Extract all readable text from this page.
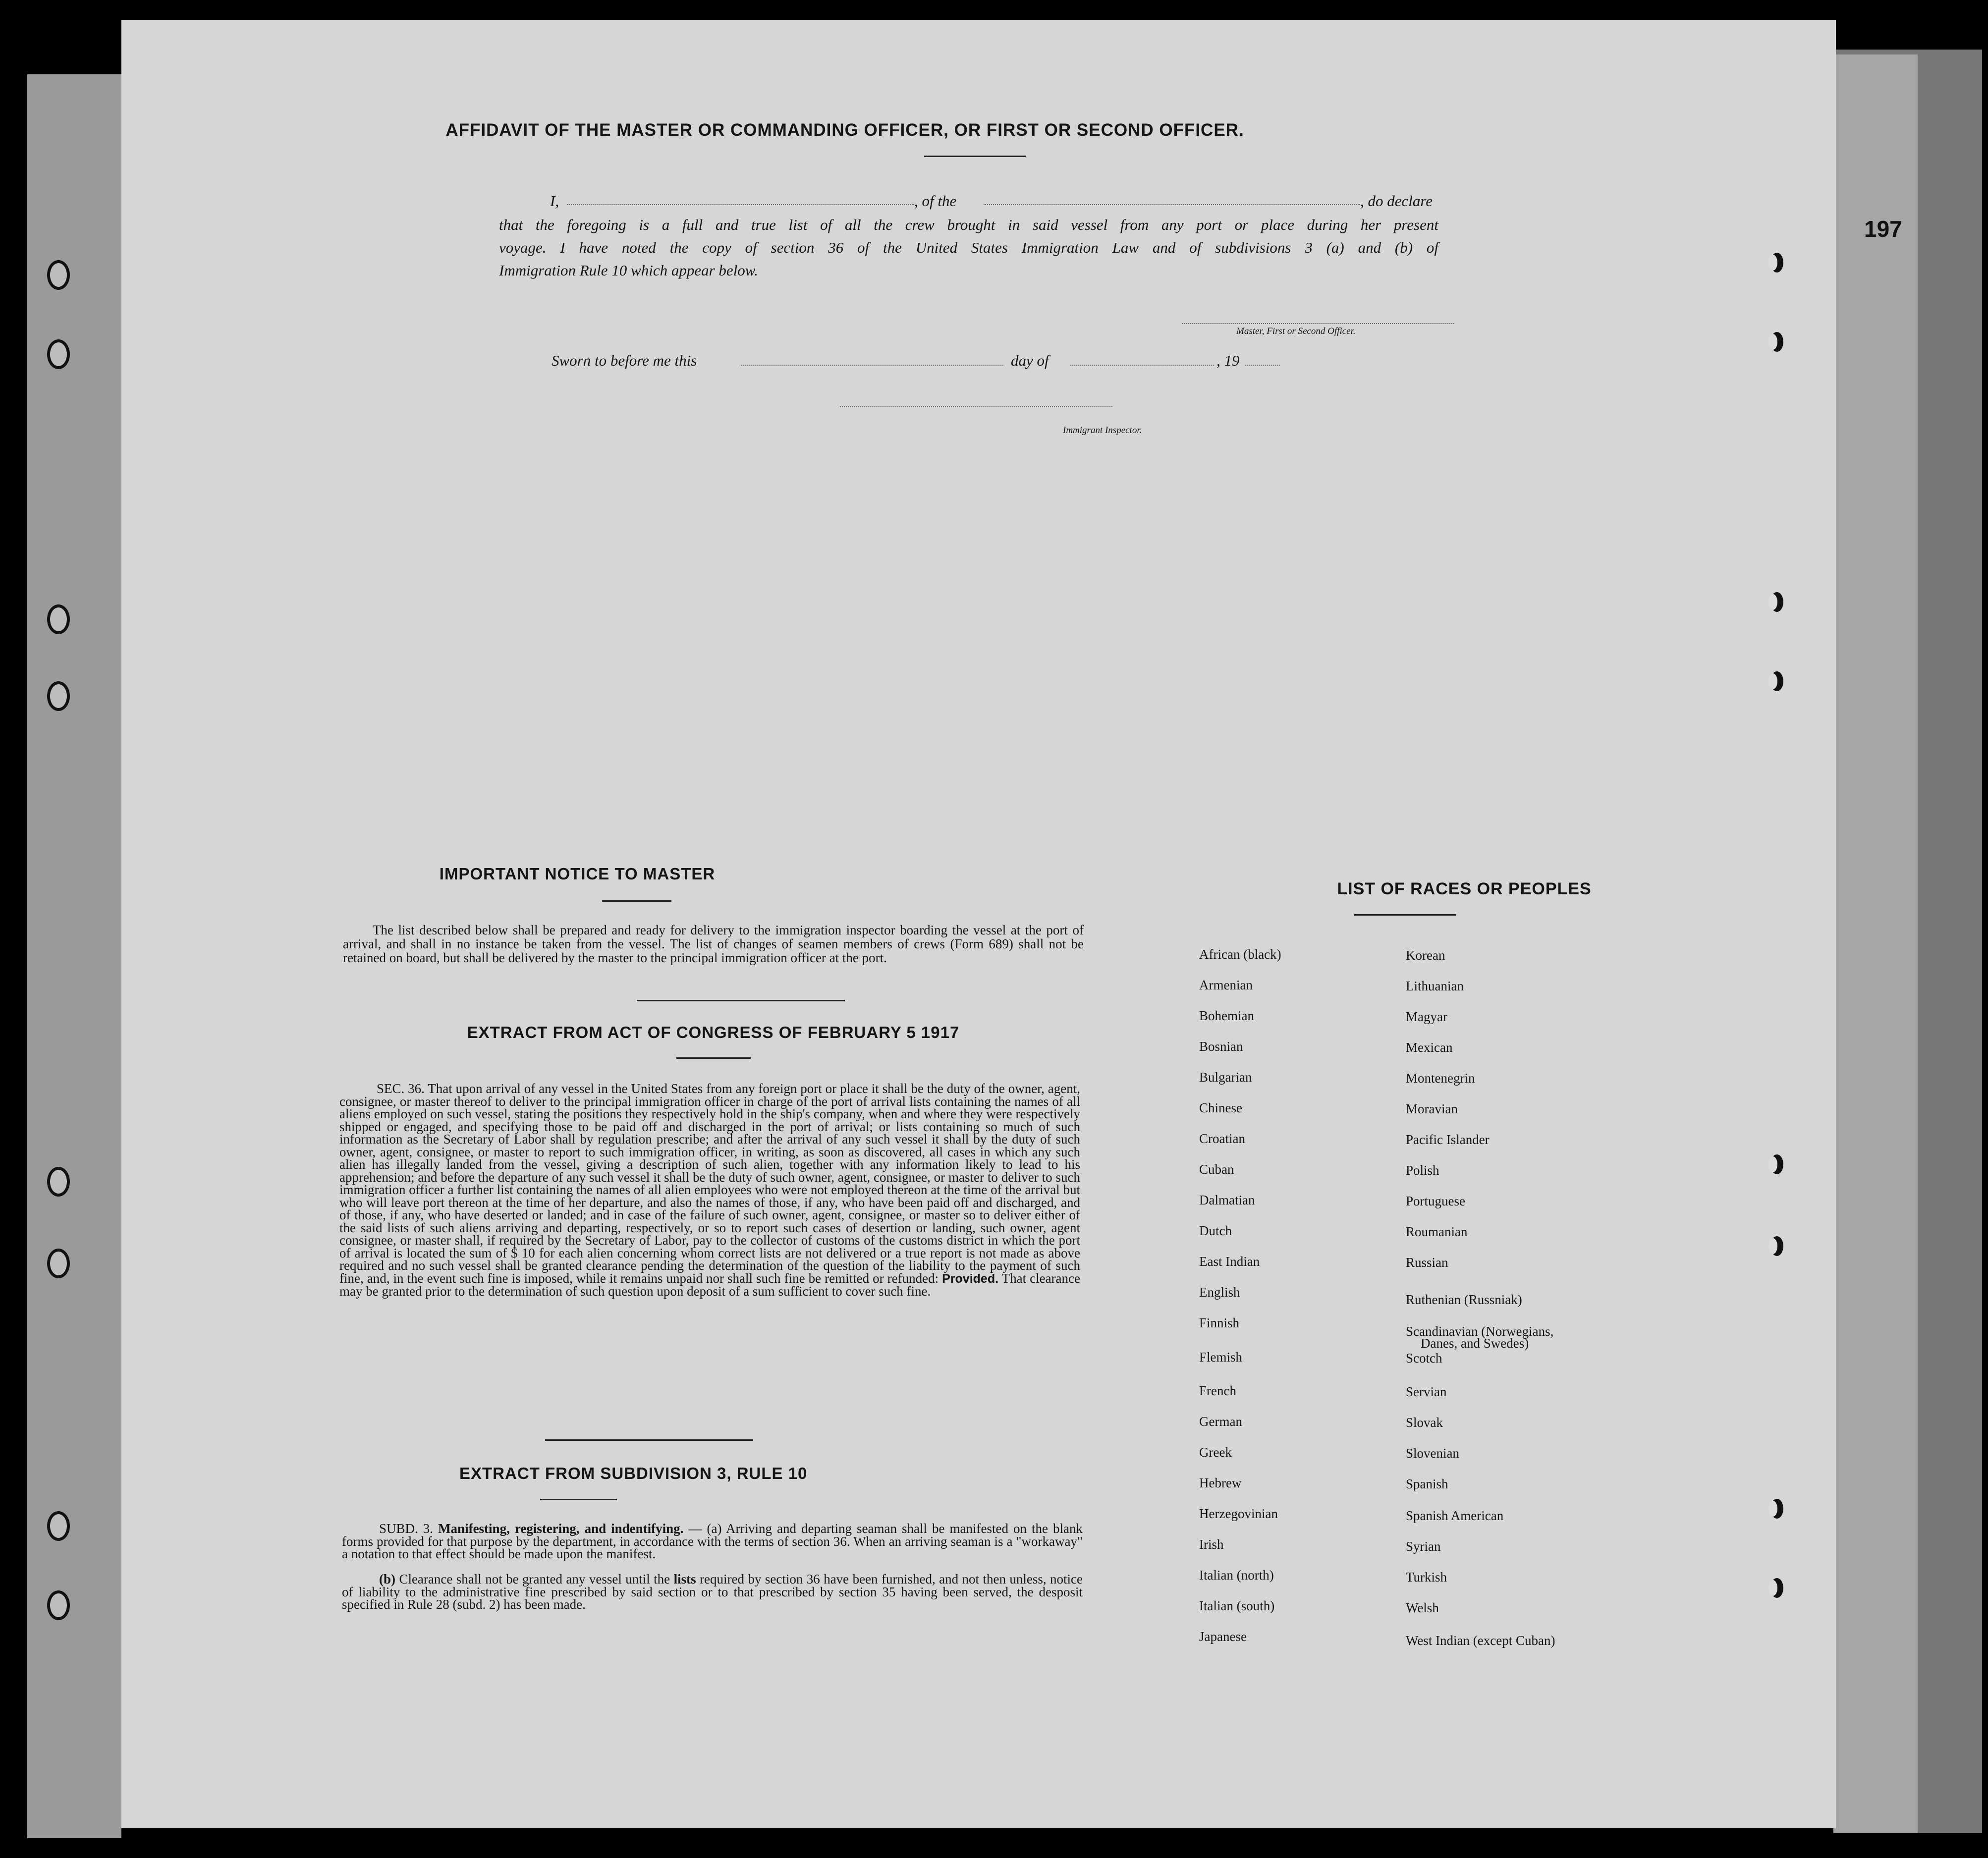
197
AFFIDAVIT OF THE MASTER OR COMMANDING OFFICER, OR FIRST OR SECOND OFFICER.
I,	, of the	, do declare
that the foregoing is a full and true list of all the crew brought in said vessel from any port or place during her present
voyage. I have noted the copy of section 36 of the United States Immigration Law and of subdivisions 3 (a) and (b) of
Immigration Rule 10 which appear below.
Master, First or Second Officer.
Sworn to before me this	day of	, 19
Immigrant Inspector.
IMPORTANT NOTICE TO MASTER
The list described below shall be prepared and ready for delivery to the immigration inspector boarding the vessel at the port of arrival, and shall in no instance be taken from the vessel. The list of changes of seamen members of crews (Form 689) shall not be retained on board, but shall be delivered by the master to the principal immigration officer at the port.
EXTRACT FROM ACT OF CONGRESS OF FEBRUARY 5 1917
SEC. 36. That upon arrival of any vessel in the United States from any foreign port or place it shall be the duty of the owner, agent, consignee, or master thereof to deliver to the principal immigration officer in charge of the port of arrival lists containing the names of all aliens employed on such vessel, stating the positions they respectively hold in the ship's company, when and where they were respectively shipped or engaged, and specifying those to be paid off and discharged in the port of arrival; or lists containing so much of such information as the Secretary of Labor shall by regulation prescribe; and after the arrival of any such vessel it shall by the duty of such owner, agent, consignee, or master to report to such immigration officer, in writing, as soon as discovered, all cases in which any such alien has illegally landed from the vessel, giving a description of such alien, together with any information likely to lead to his apprehension; and before the departure of any such vessel it shall be the duty of such owner, agent, consignee, or master to deliver to such immigration officer a further list containing the names of all alien employees who were not employed thereon at the time of the arrival but who will leave port thereon at the time of her departure, and also the names of those, if any, who have been paid off and discharged, and of those, if any, who have deserted or landed; and in case of the failure of such owner, agent, consignee, or master so to deliver either of the said lists of such aliens arriving and departing, respectively, or so to report such cases of desertion or landing, such owner, agent consignee, or master shall, if required by the Secretary of Labor, pay to the collector of customs of the customs district in which the port of arrival is located the sum of $ 10 for each alien concerning whom correct lists are not delivered or a true report is not made as above required and no such vessel shall be granted clearance pending the determination of the question of the liability to the payment of such fine, and, in the event such fine is imposed, while it remains unpaid nor shall such fine be remitted or refunded: Provided. That clearance may be granted prior to the determination of such question upon deposit of a sum sufficient to cover such fine.
EXTRACT FROM SUBDIVISION 3, RULE 10
SUBD. 3. Manifesting, registering, and indentifying. — (a) Arriving and departing seaman shall be manifested on the blank forms provided for that purpose by the department, in accordance with the terms of section 36. When an arriving seaman is a "workaway" a notation to that effect should be made upon the manifest.
(b) Clearance shall not be granted any vessel until the lists required by section 36 have been furnished, and not then unless, notice of liability to the administrative fine prescribed by said section or to that prescribed by section 35 having been served, the desposit specified in Rule 28 (subd. 2) has been made.
LIST OF RACES OR PEOPLES
African (black)
Armenian
Bohemian
Bosnian
Bulgarian
Chinese
Croatian
Cuban
Dalmatian
Dutch
East Indian
English
Finnish
Flemish
French
German
Greek
Hebrew
Herzegovinian
Irish
Italian (north)
Italian (south)
Japanese
Korean
Lithuanian
Magyar
Mexican
Montenegrin
Moravian
Pacific Islander
Polish
Portuguese
Roumanian
Russian
Ruthenian (Russniak)
Scandinavian (Norwegians,
Danes, and Swedes)
Scotch
Servian
Slovak
Slovenian
Spanish
Spanish American
Syrian
Turkish
Welsh
West Indian (except Cuban)
